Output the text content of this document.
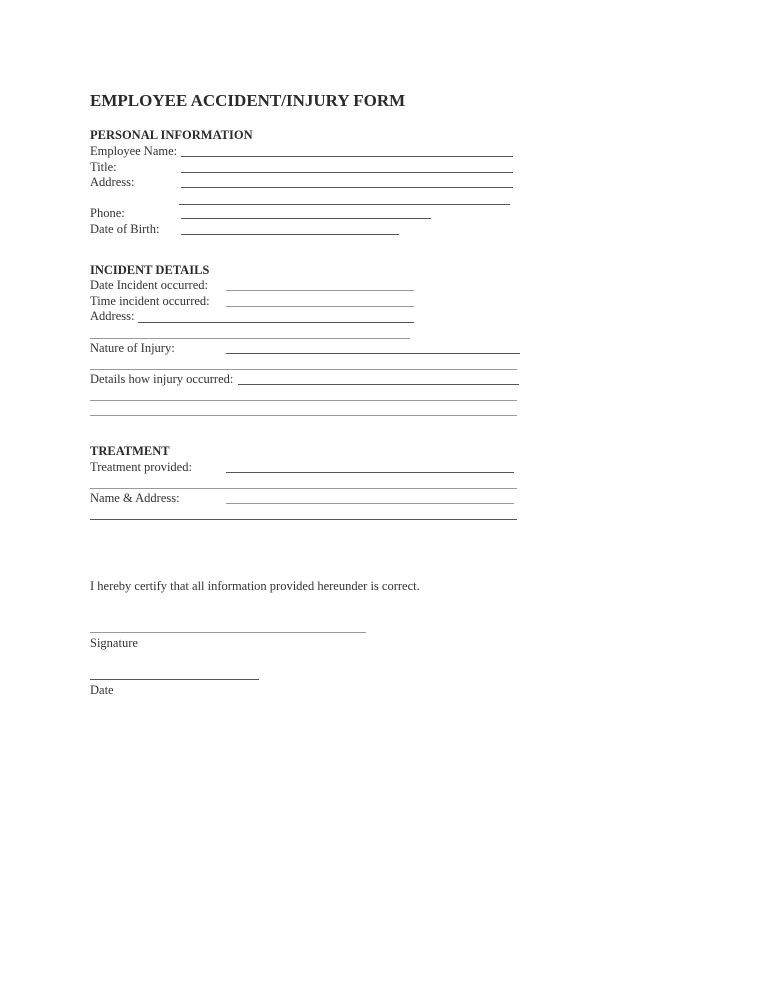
EMPLOYEE ACCIDENT/INJURY FORM
PERSONAL INFORMATION
Employee Name:
Title:
Address:
Phone:
Date of Birth:
INCIDENT DETAILS
Date Incident occurred:
Time incident occurred:
Address:
Nature of Injury:
Details how injury occurred:
TREATMENT
Treatment provided:
Name & Address:
I hereby certify that all information provided hereunder is correct.
Signature
Date
